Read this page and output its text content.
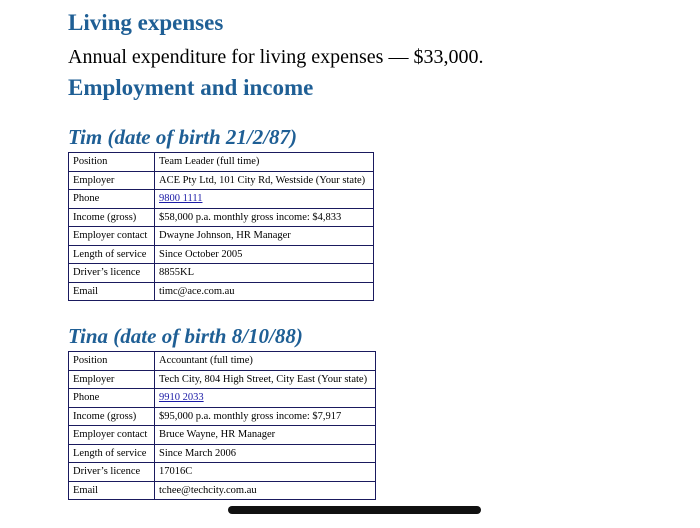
Living expenses
Annual expenditure for living expenses — $33,000.
Employment and income
Tim (date of birth 21/2/87)
Position	Team Leader (full time)
Employer	ACE Pty Ltd, 101 City Rd, Westside (Your state)
Phone	9800 1111
Income (gross)	$58,000 p.a. monthly gross income: $4,833
Employer contact	Dwayne Johnson, HR Manager
Length of service	Since October 2005
Driver’s licence	8855KL
Email	timc@ace.com.au
Tina (date of birth 8/10/88)
Position	Accountant (full time)
Employer	Tech City, 804 High Street, City East (Your state)
Phone	9910 2033
Income (gross)	$95,000 p.a. monthly gross income: $7,917
Employer contact	Bruce Wayne, HR Manager
Length of service	Since March 2006
Driver’s licence	17016C
Email	tchee@techcity.com.au
